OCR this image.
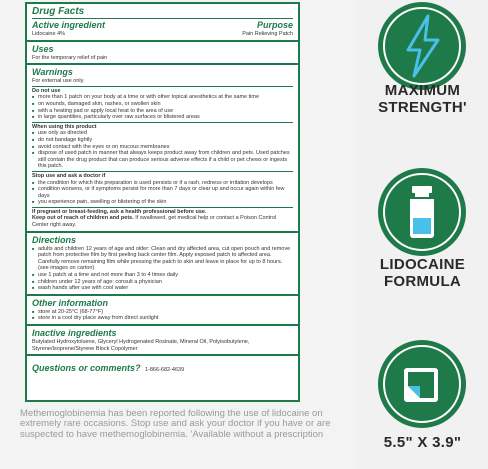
Drug Facts
Active ingredient	Purpose
Lidocaine 4%	Pain Relieving Patch
Uses
For the temporary relief of pain
Warnings
For external use only.
Do not use
■ more than 1 patch on your body at a time or with other topical anesthetics at the same time
■ on wounds, damaged skin, rashes, or swollen skin
■ with a heating pad or apply local heat to the area of use
■ in large quantities, particularly over raw surfaces or blistered areas
When using this product
■ use only as directed
■ do not bandage tightly
■ avoid contact with the eyes or on mucous membranes
■ dispose of used patch in manner that always keeps product away from children and pets. Used patches still contain the drug product that can produce serious adverse effects if a child or pet chews or ingests this patch.
Stop use and ask a doctor if
■ the condition for which this preparation is used persists or if a rash, redness or irritation develops
■ condition worsens, or if symptoms persist for more than 7 days or clear up and occur again within few days
■ you experience pain, swelling or blistering of the skin
If pregnant or breast-feeding, ask a health professional before use.
Keep out of reach of children and pets. If swallowed, get medical help or contact a Poison Control Center right away.
Directions
■ adults and children 12 years of age and older: Clean and dry affected area, cut open pouch and remove patch from protective film by first peeling back center film. Apply exposed patch to affected area. Carefully remove remaining film while pressing the patch to skin and leave in place for up to 8 hours. (see images on carton)
■ use 1 patch at a time and not more than 3 to 4 times daily
■ children under 12 years of age: consult a physician
■ wash hands after use with cool water
Other information
■ store at 20-25°C (68-77°F)
■ store in a cool dry place away from direct sunlight
Inactive ingredients
Butylated Hydroxytoluene, Glyceryl Hydrogenated Rosinate, Mineral Oil, Polyisobutylene, Styrene/Isoprene/Styrene Block Copolymer
Questions or comments? 1-866-682-4639
Methemoglobinemia has been reported following the use of lidocaine on extremely rare occasions. Stop use and ask your doctor if you have or are suspected to have methemoglobinemia. 'Available without a prescription
MAXIMUM
STRENGTH'
LIDOCAINE
FORMULA
5.5" X 3.9"
